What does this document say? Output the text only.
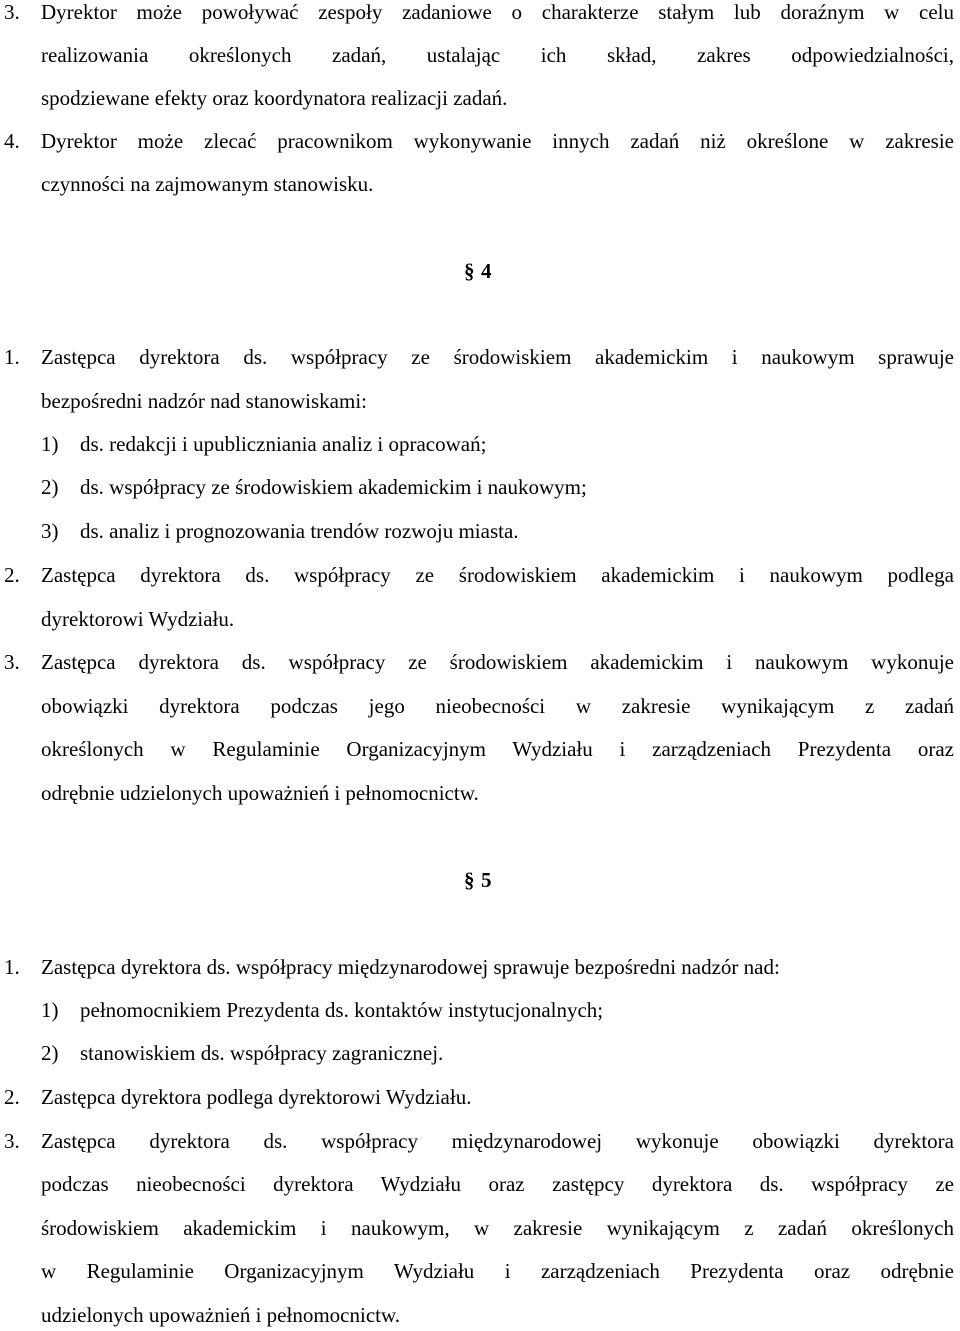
3. Dyrektor może powoływać zespoły zadaniowe o charakterze stałym lub doraźnym w celu
realizowania określonych zadań, ustalając ich skład, zakres odpowiedzialności,
spodziewane efekty oraz koordynatora realizacji zadań.
4. Dyrektor może zlecać pracownikom wykonywanie innych zadań niż określone w zakresie
czynności na zajmowanym stanowisku.
§ 4
1. Zastępca dyrektora ds. współpracy ze środowiskiem akademickim i naukowym sprawuje
bezpośredni nadzór nad stanowiskami:
1) ds. redakcji i upubliczniania analiz i opracowań;
2) ds. współpracy ze środowiskiem akademickim i naukowym;
3) ds. analiz i prognozowania trendów rozwoju miasta.
2. Zastępca dyrektora ds. współpracy ze środowiskiem akademickim i naukowym podlega
dyrektorowi Wydziału.
3. Zastępca dyrektora ds. współpracy ze środowiskiem akademickim i naukowym wykonuje
obowiązki dyrektora podczas jego nieobecności w zakresie wynikającym z zadań
określonych w Regulaminie Organizacyjnym Wydziału i zarządzeniach Prezydenta oraz
odrębnie udzielonych upoważnień i pełnomocnictw.
§ 5
1. Zastępca dyrektora ds. współpracy międzynarodowej sprawuje bezpośredni nadzór nad:
1) pełnomocnikiem Prezydenta ds. kontaktów instytucjonalnych;
2) stanowiskiem ds. współpracy zagranicznej.
2. Zastępca dyrektora podlega dyrektorowi Wydziału.
3. Zastępca dyrektora ds. współpracy międzynarodowej wykonuje obowiązki dyrektora
podczas nieobecności dyrektora Wydziału oraz zastępcy dyrektora ds. współpracy ze
środowiskiem akademickim i naukowym, w zakresie wynikającym z zadań określonych
w Regulaminie Organizacyjnym Wydziału i zarządzeniach Prezydenta oraz odrębnie
udzielonych upoważnień i pełnomocnictw.
